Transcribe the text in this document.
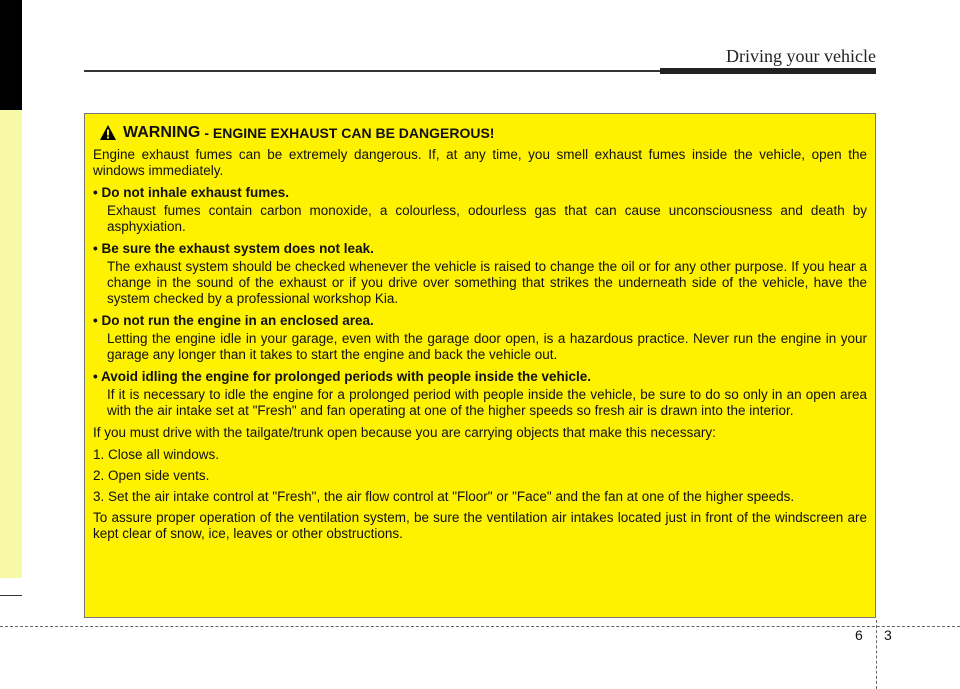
Driving your vehicle
WARNING - ENGINE EXHAUST CAN BE DANGEROUS!

Engine exhaust fumes can be extremely dangerous. If, at any time, you smell exhaust fumes inside the vehicle, open the windows immediately.

• Do not inhale exhaust fumes.
Exhaust fumes contain carbon monoxide, a colourless, odourless gas that can cause unconsciousness and death by asphyxiation.
• Be sure the exhaust system does not leak.
The exhaust system should be checked whenever the vehicle is raised to change the oil or for any other purpose. If you hear a change in the sound of the exhaust or if you drive over something that strikes the underneath side of the vehicle, have the system checked by a professional workshop Kia.
• Do not run the engine in an enclosed area.
Letting the engine idle in your garage, even with the garage door open, is a hazardous practice. Never run the engine in your garage any longer than it takes to start the engine and back the vehicle out.
• Avoid idling the engine for prolonged periods with people inside the vehicle.
If it is necessary to idle the engine for a prolonged period with people inside the vehicle, be sure to do so only in an open area with the air intake set at "Fresh" and fan operating at one of the higher speeds so fresh air is drawn into the interior.

If you must drive with the tailgate/trunk open because you are carrying objects that make this necessary:

1. Close all windows.
2. Open side vents.
3. Set the air intake control at "Fresh", the air flow control at "Floor" or "Face" and the fan at one of the higher speeds.

To assure proper operation of the ventilation system, be sure the ventilation air intakes located just in front of the windscreen are kept clear of snow, ice, leaves or other obstructions.

6 3
